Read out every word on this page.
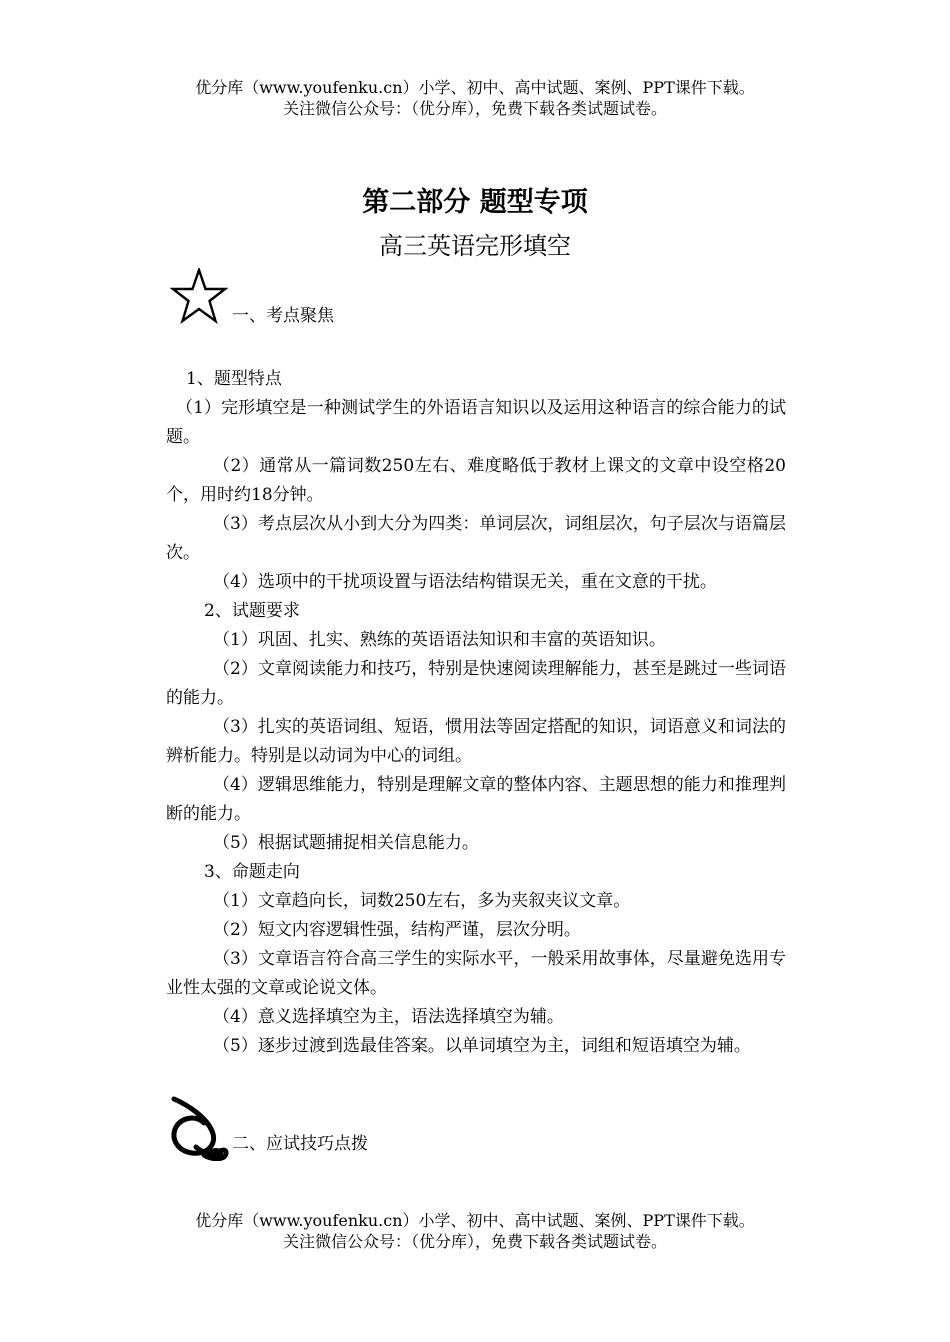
优分库（www.youfenku.cn）小学、初中、高中试题、案例、PPT课件下载。
关注微信公众号：（优分库），免费下载各类试题试卷。
第二部分 题型专项
高三英语完形填空
一、考点聚焦

1、题型特点

（1）完形填空是一种测试学生的外语语言知识以及运用这种语言的综合能力的试题。

（2）通常从一篇词数250左右、难度略低于教材上课文的文章中设空格20个，用时约18分钟。

（3）考点层次从小到大分为四类：单词层次，词组层次，句子层次与语篇层次。

（4）选项中的干扰项设置与语法结构错误无关，重在文意的干扰。

2、试题要求

（1）巩固、扎实、熟练的英语语法知识和丰富的英语知识。

（2）文章阅读能力和技巧，特别是快速阅读理解能力，甚至是跳过一些词语的能力。

（3）扎实的英语词组、短语，惯用法等固定搭配的知识，词语意义和词法的辨析能力。特别是以动词为中心的词组。

（4）逻辑思维能力，特别是理解文章的整体内容、主题思想的能力和推理判断的能力。

（5）根据试题捕捉相关信息能力。

3、命题走向

（1）文章趋向长，词数250左右，多为夹叙夹议文章。

（2）短文内容逻辑性强，结构严谨，层次分明。

（3）文章语言符合高三学生的实际水平，一般采用故事体，尽量避免选用专业性太强的文章或论说文体。

（4）意义选择填空为主，语法选择填空为辅。

（5）逐步过渡到选最佳答案。以单词填空为主，词组和短语填空为辅。

二、应试技巧点拨
优分库（www.youfenku.cn）小学、初中、高中试题、案例、PPT课件下载。
关注微信公众号：（优分库），免费下载各类试题试卷。
